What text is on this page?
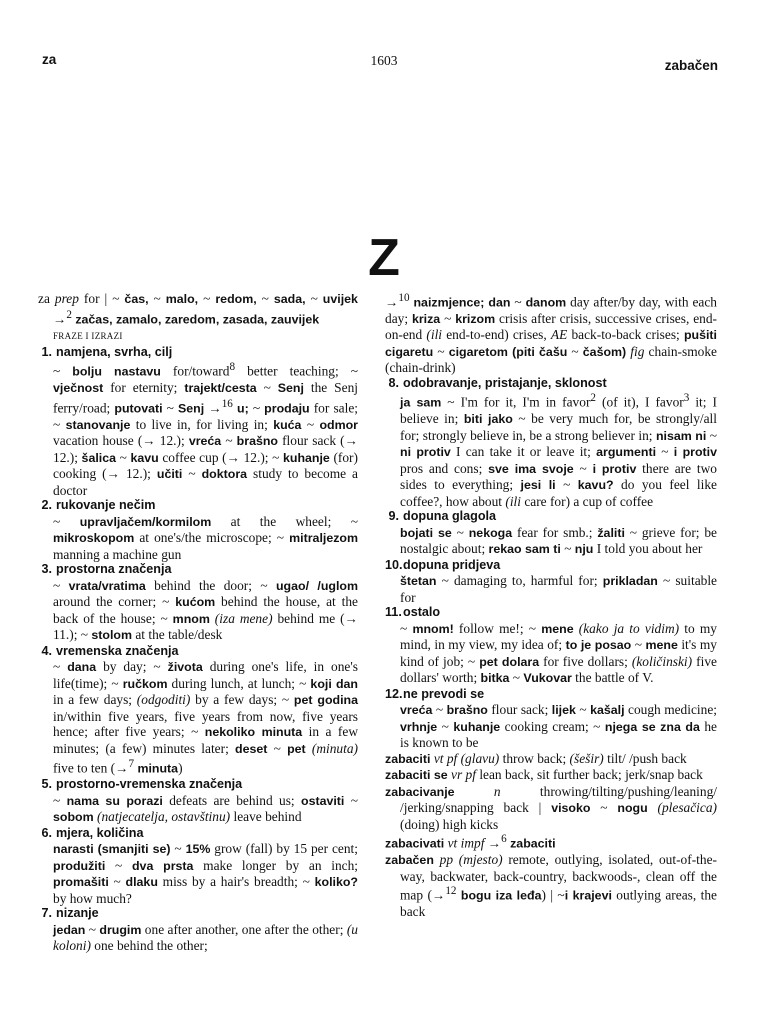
za	1603	zabačen
Z
za prep for | ~ čas, ~ malo, ~ redom, ~ sada, ~ uvijek →$^2$ začas, zamalo, zaredom, zasada, zauvijek
FRAZE I IZRAZI
1. namjena, svrha, cilj
~ bolju nastavu for/toward$^8$ better teaching; ~ vječnost for eternity; trajekt/cesta ~ Senj the Senj ferry/road; putovati ~ Senj →$^{16}$ u; ~ prodaju for sale; ~ stanovanje to live in, for living in; kuća ~ odmor vacation house (→ 12.); vreća ~ brašno flour sack (→ 12.); šalica ~ kavu coffee cup (→ 12.); ~ kuhanje (for) cooking (→ 12.); učiti ~ doktora study to become a doctor
2. rukovanje nečim
~ upravljačem/kormilom at the wheel; ~ mikroskopom at one's/the microscope; ~ mitraljezom manning a machine gun
3. prostorna značenja
~ vrata/vratima behind the door; ~ ugao/ /uglom around the corner; ~ kućom behind the house, at the back of the house; ~ mnom (iza mene) behind me (→ 11.); ~ stolom at the table/desk
4. vremenska značenja
~ dana by day; ~ života during one's life, in one's life(time); ~ ručkom during lunch, at lunch; ~ koji dan in a few days; (odgoditi) by a few days; ~ pet godina in/within five years, five years from now, five years hence; after five years; ~ nekoliko minuta in a few minutes; (a few) minutes later; deset ~ pet (minuta) five to ten (→$^7$ minuta)
5. prostorno-vremenska značenja
~ nama su porazi defeats are behind us; ostaviti ~ sobom (natjecatelja, ostavštinu) leave behind
6. mjera, količina
narasti (smanjiti se) ~ 15% grow (fall) by 15 per cent; produžiti ~ dva prsta make longer by an inch; promašiti ~ dlaku miss by a hair's breadth; ~ koliko? by how much?
7. nizanje
jedan ~ drugim one after another, one after the other; (u koloni) one behind the other;
→$^{10}$ naizmjence; dan ~ danom day after/by day, with each day; kriza ~ krizom crisis after crisis, successive crises, end-on-end (ili end-to-end) crises, AE back-to-back crises; pušiti cigaretu ~ cigaretom (piti čašu ~ čašom) fig chain-smoke (chain-drink)
8. odobravanje, pristajanje, sklonost
ja sam ~ I'm for it, I'm in favor$^2$ (of it), I favor$^3$ it; I believe in; biti jako ~ be very much for, be strongly/all for; strongly believe in, be a strong believer in; nisam ni ~ ni protiv I can take it or leave it; argumenti ~ i protiv pros and cons; sve ima svoje ~ i protiv there are two sides to everything; jesi li ~ kavu? do you feel like coffee?, how about (ili care for) a cup of coffee
9. dopuna glagola
bojati se ~ nekoga fear for smb.; žaliti ~ grieve for; be nostalgic about; rekao sam ti ~ nju I told you about her
10.dopuna pridjeva
štetan ~ damaging to, harmful for; prikladan ~ suitable for
11.ostalo
~ mnom! follow me!; ~ mene (kako ja to vidim) to my mind, in my view, my idea of; to je posao ~ mene it's my kind of job; ~ pet dolara for five dollars; (količinski) five dollars' worth; bitka ~ Vukovar the battle of V.
12.ne prevodi se
vreća ~ brašno flour sack; lijek ~ kašalj cough medicine; vrhnje ~ kuhanje cooking cream; ~ njega se zna da he is known to be
zabaciti vt pf (glavu) throw back; (šešir) tilt/ /push back
zabaciti se vr pf lean back, sit further back; jerk/snap back
zabacivanje	n throwing/tilting/pushing/leaning/ /jerking/snapping back | visoko ~ nogu (plesačica) (doing) high kicks
zabacivati vt impf →$^6$ zabaciti
zabačen pp (mjesto) remote, outlying, isolated, out-of-the-way, backwater, back-country, backwoods-, clean off the map (→$^{12}$ bogu iza leđa) | ~i krajevi outlying areas, the back
